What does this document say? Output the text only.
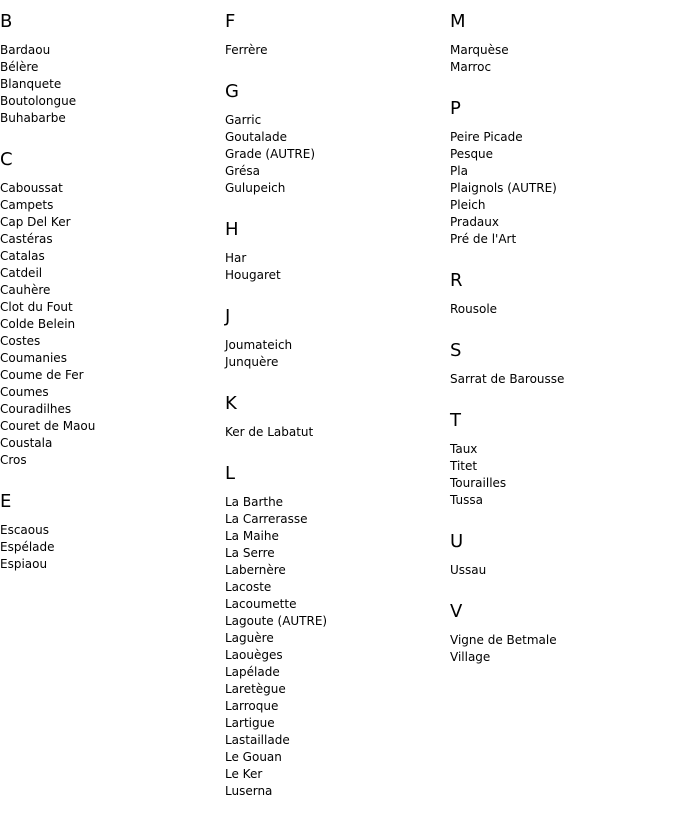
B
Bardaou
Bélère
Blanquete
Boutolongue
Buhabarbe
C
Caboussat
Campets
Cap Del Ker
Castéras
Catalas
Catdeil
Cauhère
Clot du Fout
Colde Belein
Costes
Coumanies
Coume de Fer
Coumes
Couradilhes
Couret de Maou
Coustala
Cros
E
Escaous
Espélade
Espiaou
F
Ferrère
G
Garric
Goutalade
Grade (AUTRE)
Grésa
Gulupeich
H
Har
Hougaret
J
Joumateich
Junquère
K
Ker de Labatut
L
La Barthe
La Carrerasse
La Maihe
La Serre
Labernère
Lacoste
Lacoumette
Lagoute (AUTRE)
Laguère
Laouèges
Lapélade
Laretègue
Larroque
Lartigue
Lastaillade
Le Gouan
Le Ker
Luserna
M
Marquèse
Marroc
P
Peire Picade
Pesque
Pla
Plaignols (AUTRE)
Pleich
Pradaux
Pré de l'Art
R
Rousole
S
Sarrat de Barousse
T
Taux
Titet
Tourailles
Tussa
U
Ussau
V
Vigne de Betmale
Village
